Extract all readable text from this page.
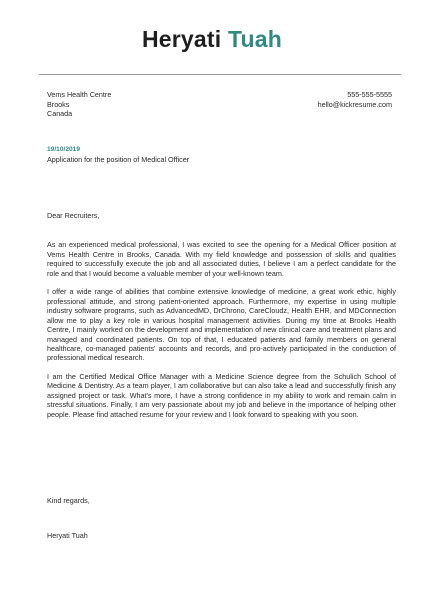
Heryati Tuah
Vems Health Centre
Brooks
Canada
555-555-5555
hello@kickresume.com
19/10/2019
Application for the position of Medical Officer

Dear Recruiters,

As an experienced medical professional, I was excited to see the opening for a Medical Officer position at Vems Health Centre in Brooks, Canada. With my field knowledge and possession of skills and qualities required to successfully execute the job and all associated duties, I believe I am a perfect candidate for the role and that I would become a valuable member of your well-known team.

I offer a wide range of abilities that combine extensive knowledge of medicine, a great work ethic, highly professional attitude, and strong patient-oriented approach. Furthermore, my expertise in using multiple industry software programs, such as AdvancedMD, DrChrono, CareCloudz, Health EHR, and MDConnection allow me to play a key role in various hospital management activities. During my time at Brooks Health Centre, I mainly worked on the development and implementation of new clinical care and treatment plans and managed and coordinated patients. On top of that, I educated patients and family members on general healthcare, co-managed patients' accounts and records, and pro-actively participated in the conduction of professional medical research.

I am the Certified Medical Office Manager with a Medicine Science degree from the Schulich School of Medicine & Dentistry. As a team player, I am collaborative but can also take a lead and successfully finish any assigned project or task. What's more, I have a strong confidence in my ability to work and remain calm in stressful situations. Finally, I am very passionate about my job and believe in the importance of helping other people. Please find attached resume for your review and I look forward to speaking with you soon.

Kind regards,
Heryati Tuah
